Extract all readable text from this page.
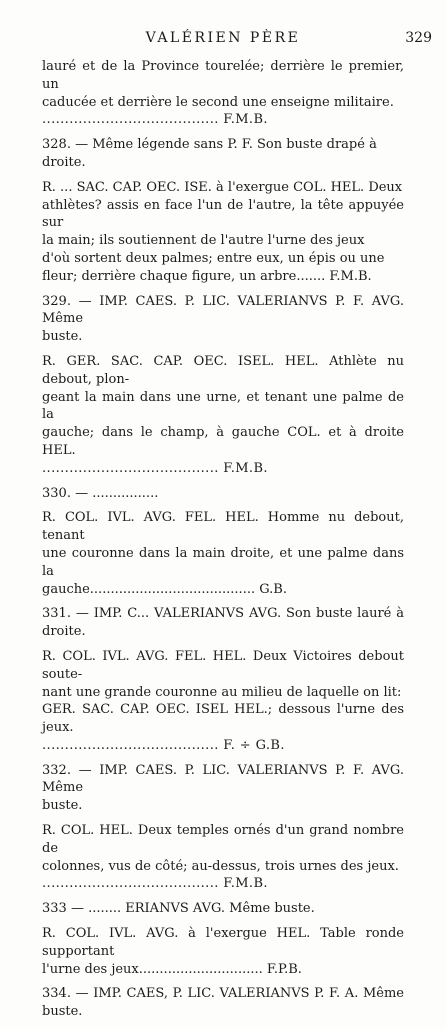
VALÉRIEN PÈRE	329

lauré et de la Province tourelée; derrière le premier, un
caducée et derrière le second une enseigne militaire.
....................................... F.M.B.

328. — Même légende sans P. F. Son buste drapé à
droite.

R. ... SAC. CAP. OEC. ISE. à l'exergue COL. HEL. Deux
athlètes? assis en face l'un de l'autre, la tête appuyée sur
la main; ils soutiennent de l'autre l'urne des jeux
d'où sortent deux palmes; entre eux, un épis ou une
fleur; derrière chaque figure, un arbre....... F.M.B.

329. — IMP. CAES. P. LIC. VALERIANVS P. F. AVG. Même
buste.

R. GER. SAC. CAP. OEC. ISEL. HEL. Athlète nu debout, plon-
geant la main dans une urne, et tenant une palme de la
gauche; dans le champ, à gauche COL. et à droite HEL.
....................................... F.M.B.

330. — ................

R. COL. IVL. AVG. FEL. HEL. Homme nu debout, tenant
une couronne dans la main droite, et une palme dans la
gauche........................................ G.B.

331. — IMP. C... VALERIANVS AVG. Son buste lauré à droite.

R. COL. IVL. AVG. FEL. HEL. Deux Victoires debout soute-
nant une grande couronne au milieu de laquelle on lit:
GER. SAC. CAP. OEC. ISEL HEL.; dessous l'urne des jeux.
....................................... F. ÷ G.B.

332. — IMP. CAES. P. LIC. VALERIANVS P. F. AVG. Même
buste.

R. COL. HEL. Deux temples ornés d'un grand nombre de
colonnes, vus de côté; au-dessus, trois urnes des jeux.
....................................... F.M.B.

333 — ........ ERIANVS AVG. Même buste.

R. COL. IVL. AVG. à l'exergue HEL. Table ronde supportant
l'urne des jeux.............................. F.P.B.

334. — IMP. CAES, P. LIC. VALERIANVS P. F. A. Même buste.
